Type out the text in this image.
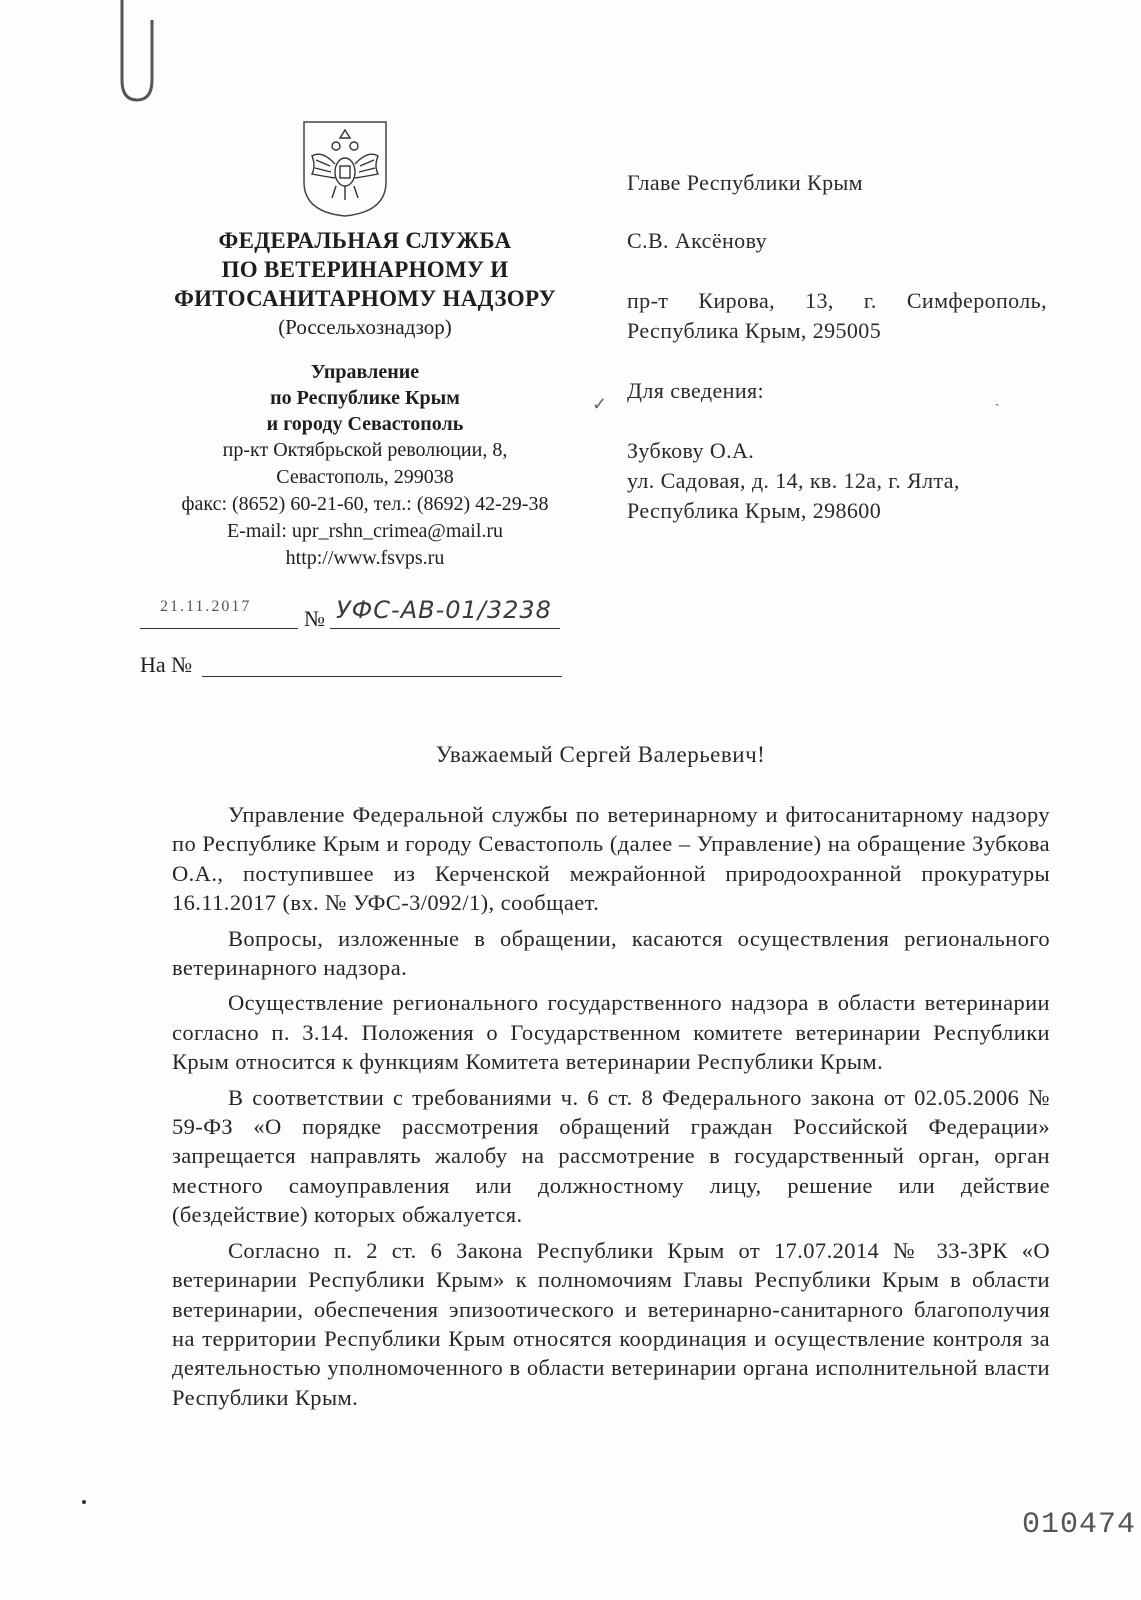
ФЕДЕРАЛЬНАЯ СЛУЖБА
ПО ВЕТЕРИНАРНОМУ И
ФИТОСАНИТАРНОМУ НАДЗОРУ
(Россельхознадзор)
Управление
по Республике Крым
и городу Севастополь
пр-кт Октябрьской революции, 8,
Севастополь, 299038
факс: (8652) 60-21-60, тел.: (8692) 42-29-38
E-mail: upr_rshn_crimea@mail.ru
http://www.fsvps.ru
21.11.2017 № УФС-АВ-01/3238
На №
Главе Республики Крым
С.В. Аксёнову
пр-т Кирова, 13, г. Симферополь,
Республика Крым, 295005
Для сведения:
Зубкову О.А.
ул. Садовая, д. 14, кв. 12а, г. Ялта,
Республика Крым, 298600
✓	ˎ
Уважаемый Сергей Валерьевич!

Управление Федеральной службы по ветеринарному и фитосанитарному надзору по Республике Крым и городу Севастополь (далее – Управление) на обращение Зубкова О.А., поступившее из Керченской межрайонной природоохранной прокуратуры 16.11.2017 (вх. № УФС-3/092/1), сообщает.

Вопросы, изложенные в обращении, касаются осуществления регионального ветеринарного надзора.

Осуществление регионального государственного надзора в области ветеринарии согласно п. 3.14. Положения о Государственном комитете ветеринарии Республики Крым относится к функциям Комитета ветеринарии Республики Крым.

В соответствии с требованиями ч. 6 ст. 8 Федерального закона от 02.05.2006 № 59-ФЗ «О порядке рассмотрения обращений граждан Российской Федерации» запрещается направлять жалобу на рассмотрение в государственный орган, орган местного самоуправления или должностному лицу, решение или действие (бездействие) которых обжалуется.

Согласно п. 2 ст. 6 Закона Республики Крым от 17.07.2014 № 33-ЗРК «О ветеринарии Республики Крым» к полномочиям Главы Республики Крым в области ветеринарии, обеспечения эпизоотического и ветеринарно-санитарного благополучия на территории Республики Крым относятся координация и осуществление контроля за деятельностью уполномоченного в области ветеринарии органа исполнительной власти Республики Крым.

010474
